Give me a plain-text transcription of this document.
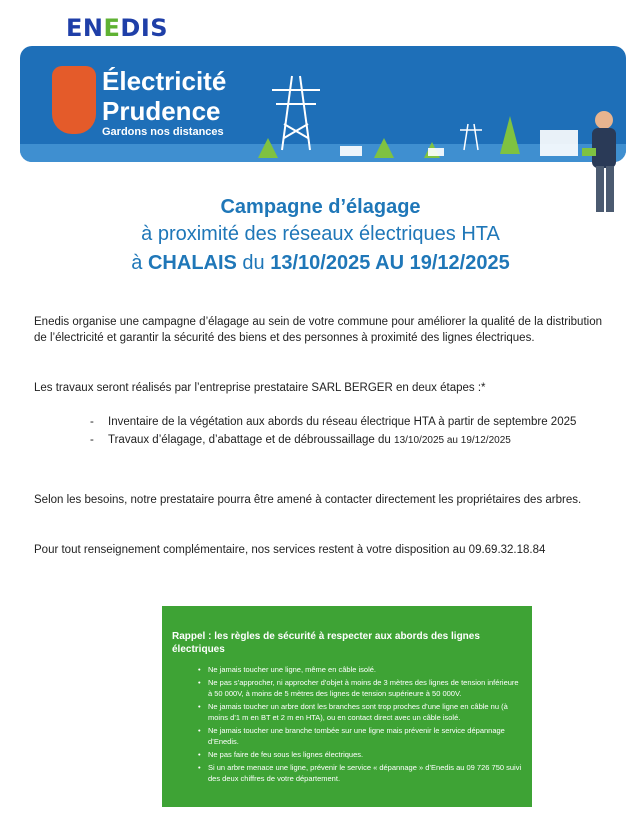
ENEDIS
Électricité
Prudence
Gardons nos distances
Campagne d’élagage
à proximité des réseaux électriques HTA
à CHALAIS du 13/10/2025 AU 19/12/2025
Enedis organise une campagne d’élagage au sein de votre commune pour améliorer la qualité de la distribution de l’électricité et garantir la sécurité des biens et des personnes à proximité des lignes électriques.
Les travaux seront réalisés par l’entreprise prestataire SARL BERGER en deux étapes :*
- Inventaire de la végétation aux abords du réseau électrique HTA à partir de septembre 2025
- Travaux d’élagage, d’abattage et de débroussaillage du 13/10/2025 au 19/12/2025
Selon les besoins, notre prestataire pourra être amené à contacter directement les propriétaires des arbres.
Pour tout renseignement complémentaire, nos services restent à votre disposition au 09.69.32.18.84
Rappel : les règles de sécurité à respecter aux abords des lignes électriques
• Ne jamais toucher une ligne, même en câble isolé.
• Ne pas s’approcher, ni approcher d’objet à moins de 3 mètres des lignes de tension inférieure à 50 000V, à moins de 5 mètres des lignes de tension supérieure à 50 000V.
• Ne jamais toucher un arbre dont les branches sont trop proches d’une ligne en câble nu (à moins d’1 m en BT et 2 m en HTA), ou en contact direct avec un câble isolé.
• Ne jamais toucher une branche tombée sur une ligne mais prévenir le service dépannage d’Enedis.
• Ne pas faire de feu sous les lignes électriques.
• Si un arbre menace une ligne, prévenir le service « dépannage » d’Enedis au 09 726 750 suivi des deux chiffres de votre département.
